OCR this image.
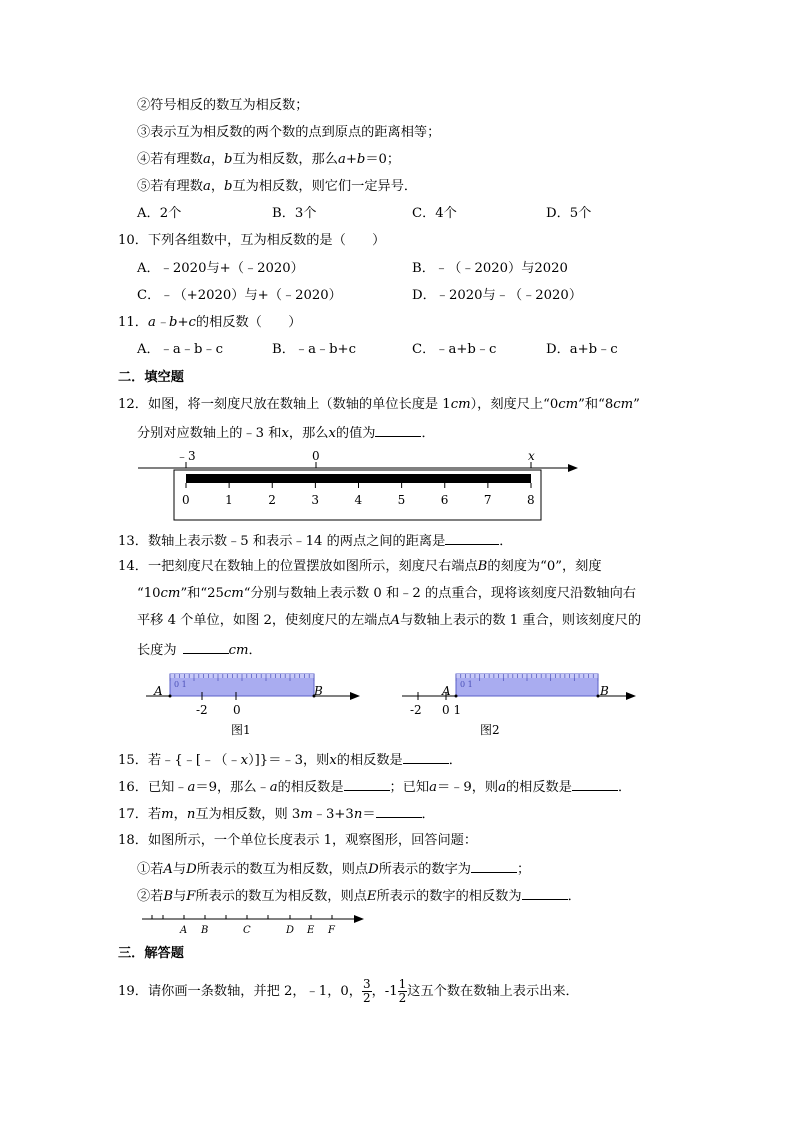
②符号相反的数互为相反数；
③表示互为相反数的两个数的点到原点的距离相等；
④若有理数a，b互为相反数，那么a+b＝0；
⑤若有理数a，b互为相反数，则它们一定异号．
A．2个	B．3个	C．4个	D．5个
10．下列各组数中，互为相反数的是（　　）
A．﹣2020与+（﹣2020）	B．﹣（﹣2020）与2020
C．﹣（+2020）与+（﹣2020）	D．﹣2020与﹣（﹣2020）
11．a﹣b+c的相反数（　　）
A．﹣a﹣b﹣c	B．﹣a﹣b+c	C．﹣a+b﹣c	D．a+b﹣c
二．填空题
12．如图，将一刻度尺放在数轴上（数轴的单位长度是 1cm），刻度尺上“0cm”和“8cm”
分别对应数轴上的﹣3 和x，那么x的值为	．
﹣3	0	x
0	1	2	3	4	5	6	7	8
13．数轴上表示数﹣5 和表示﹣14 的两点之间的距离是	．
14．一把刻度尺在数轴上的位置摆放如图所示，刻度尺右端点B的刻度为“0”，刻度
“10cm”和“25cm“分别与数轴上表示数 0 和﹣2 的点重合，现将该刻度尺沿数轴向右
平移 4 个单位，如图 2，使刻度尺的左端点A与数轴上表示的数 1 重合，则该刻度尺的
长度为	cm．
0 1
A	B
-2 0
图1
0 1
A	B
-2 0 1
图2
15．若﹣{﹣[﹣（﹣x）]}＝﹣3，则x的相反数是	．
16．已知﹣a＝9，那么﹣a的相反数是	；已知a＝﹣9，则a的相反数是	．
17．若m，n互为相反数，则 3m﹣3+3n＝	．
18．如图所示，一个单位长度表示 1，观察图形，回答问题：
①若A与D所表示的数互为相反数，则点D所表示的数字为	；
②若B与F所表示的数互为相反数，则点E所表示的数字的相反数为	．
A B	C	D E F
三．解答题
19．请你画一条数轴，并把 2，﹣1，0， $\frac{3}{2}$ ，$-1 \frac{1}{2}$ 这五个数在数轴上表示出来．
